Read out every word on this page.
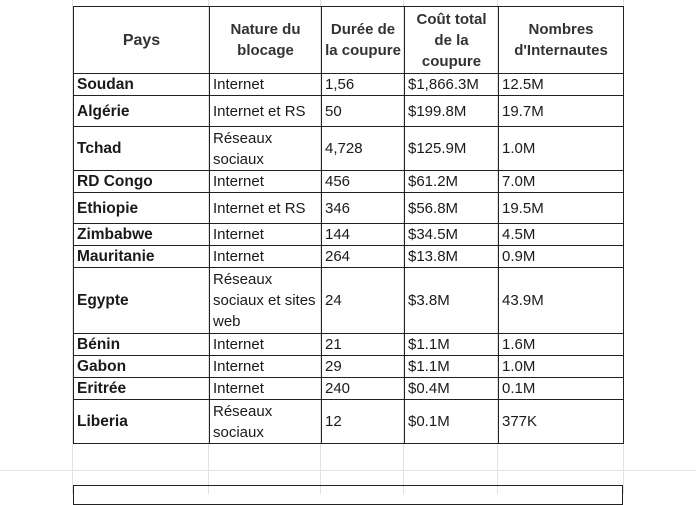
Pays	Nature du blocage	Durée de la coupure	Coût total de la coupure	Nombres d'Internautes
Soudan	Internet	1,56	$1,866.3M	12.5M
Algérie	Internet et RS	50	$199.8M	19.7M
Tchad	Réseaux sociaux	4,728	$125.9M	1.0M
RD Congo	Internet	456	$61.2M	7.0M
Ethiopie	Internet et RS	346	$56.8M	19.5M
Zimbabwe	Internet	144	$34.5M	4.5M
Mauritanie	Internet	264	$13.8M	0.9M
Egypte	Réseaux sociaux et sites web	24	$3.8M	43.9M
Bénin	Internet	21	$1.1M	1.6M
Gabon	Internet	29	$1.1M	1.0M
Eritrée	Internet	240	$0.4M	0.1M
Liberia	Réseaux sociaux	12	$0.1M	377K
